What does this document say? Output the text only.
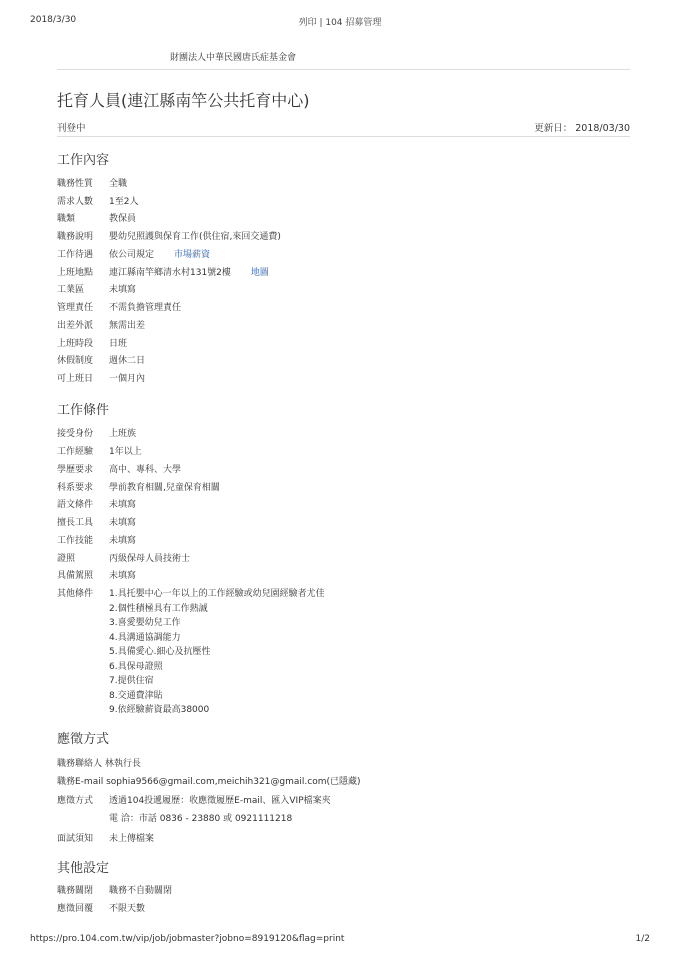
2018/3/30	列印 | 104 招募管理
財團法人中華民國唐氏症基金會
托育人員(連江縣南竿公共托育中心)
刊登中	更新日： 2018/03/30
工作內容
職務性質 全職
需求人數 1至2人
職類	教保員
職務說明 嬰幼兒照護與保育工作(供住宿,來回交通費)
工作待遇 依公司規定 市場薪資
上班地點 連江縣南竿鄉清水村131號2樓 地圖
工業區	未填寫
管理責任 不需負擔管理責任
出差外派 無需出差
上班時段 日班
休假制度 週休二日
可上班日 一個月內
工作條件
接受身份 上班族
工作經驗 1年以上
學歷要求 高中、專科、大學
科系要求 學前教育相關,兒童保育相關
語文條件 未填寫
擅長工具 未填寫
工作技能 未填寫
證照	丙級保母人員技術士
具備駕照 未填寫
其他條件	1.具托嬰中心一年以上的工作經驗或幼兒園經驗者尤佳
2.個性積極具有工作熱誠
3.喜愛嬰幼兒工作
4.具溝通協調能力
5.具備愛心.細心及抗壓性
6.具保母證照
7.提供住宿
8.交通費津貼
9.依經驗薪資最高38000
應徵方式
職務聯絡人 林執行長
職務E-mail sophia9566@gmail.com,meichih321@gmail.com(已隱藏)
應徵方式 透過104投遞履歷：收應徵履歷E-mail、匯入VIP檔案夾
電 洽：市話 0836 - 23880 或 0921111218
面試須知 未上傳檔案
其他設定
職務關閉 職務不自動關閉
應徵回覆 不限天數
https://pro.104.com.tw/vip/job/jobmaster?jobno=8919120&flag=print	1/2
